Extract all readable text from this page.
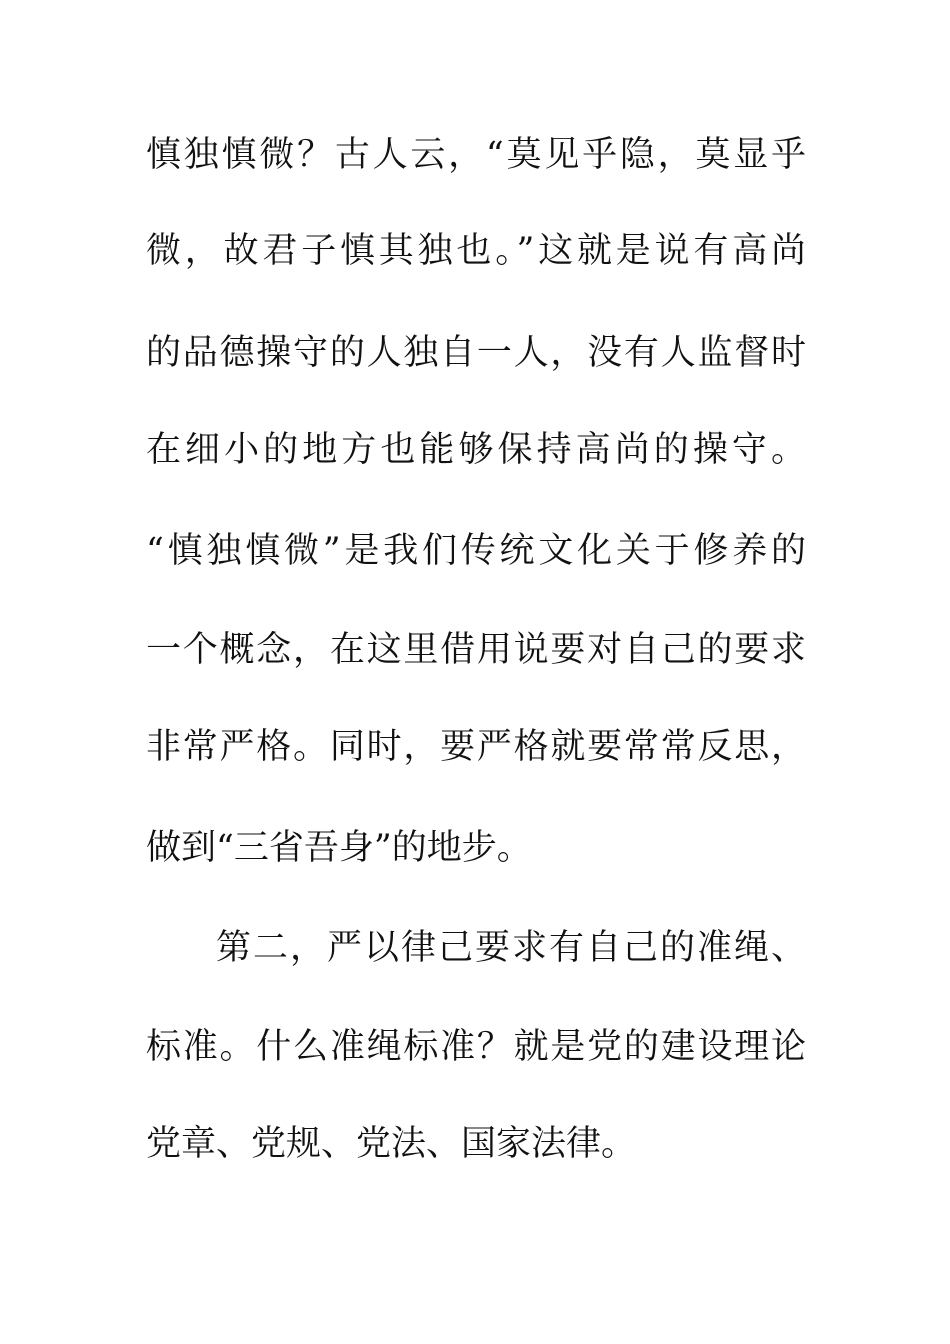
慎独慎微？古人云，“莫见乎隐，莫显乎
微，故君子慎其独也。”这就是说有高尚
的品德操守的人独自一人，没有人监督时
在细小的地方也能够保持高尚的操守。
“慎独慎微”是我们传统文化关于修养的
一个概念，在这里借用说要对自己的要求
非常严格。同时，要严格就要常常反思，
做到“三省吾身”的地步。
第二，严以律己要求有自己的准绳、
标准。什么准绳标准？就是党的建设理论
党章、党规、党法、国家法律。
